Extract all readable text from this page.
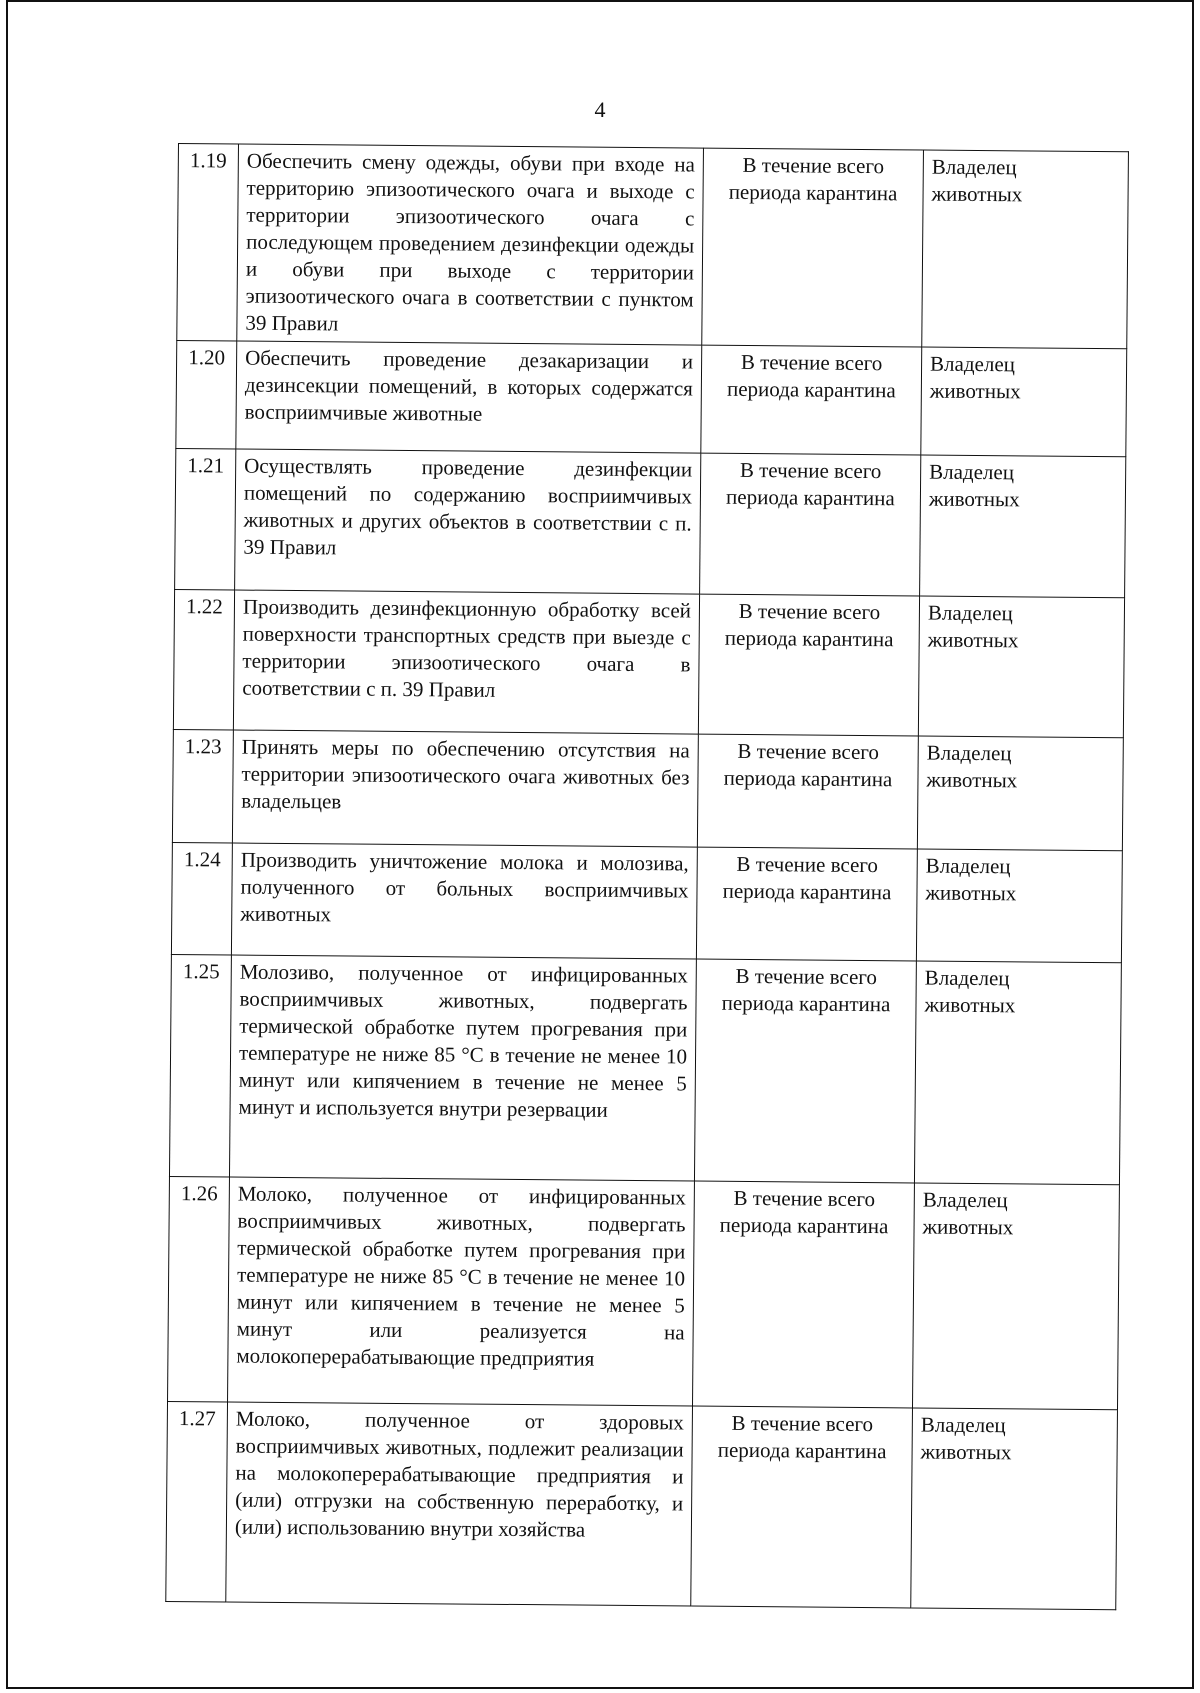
4
1.19	Обеспечить смену одежды, обуви при входе на территорию эпизоотического очага и выходе с территории эпизоотического очага с последующем проведением дезинфекции одежды и обуви при выходе с территории эпизоотического очага в соответствии с пунктом 39 Правил	В течение всего периода карантина	Владелец животных

1.20	Обеспечить проведение дезакаризации и дезинсекции помещений, в которых содержатся восприимчивые животные	В течение всего периода карантина	Владелец животных

1.21	Осуществлять проведение дезинфекции помещений по содержанию восприимчивых животных и других объектов в соответствии с п. 39 Правил	В течение всего периода карантина	Владелец животных

1.22	Производить дезинфекционную обработку всей поверхности транспортных средств при выезде с территории эпизоотического очага в соответствии с п. 39 Правил	В течение всего периода карантина	Владелец животных

1.23	Принять меры по обеспечению отсутствия на территории эпизоотического очага животных без владельцев	В течение всего периода карантина	Владелец животных

1.24	Производить уничтожение молока и молозива, полученного от больных восприимчивых животных	В течение всего периода карантина	Владелец животных

1.25	Молозиво, полученное от инфицированных восприимчивых животных, подвергать термической обработке путем прогревания при температуре не ниже 85 °С в течение не менее 10 минут или кипячением в течение не менее 5 минут и используется внутри резервации	В течение всего периода карантина	Владелец животных

1.26	Молоко, полученное от инфицированных восприимчивых животных, подвергать термической обработке путем прогревания при температуре не ниже 85 °С в течение не менее 10 минут или кипячением в течение не менее 5 минут или реализуется на молокоперерабатывающие предприятия	В течение всего периода карантина	Владелец животных

1.27	Молоко, полученное от здоровых восприимчивых животных, подлежит реализации на молокоперерабатывающие предприятия и (или) отгрузки на собственную переработку, и (или) использованию внутри хозяйства	В течение всего периода карантина	Владелец животных
